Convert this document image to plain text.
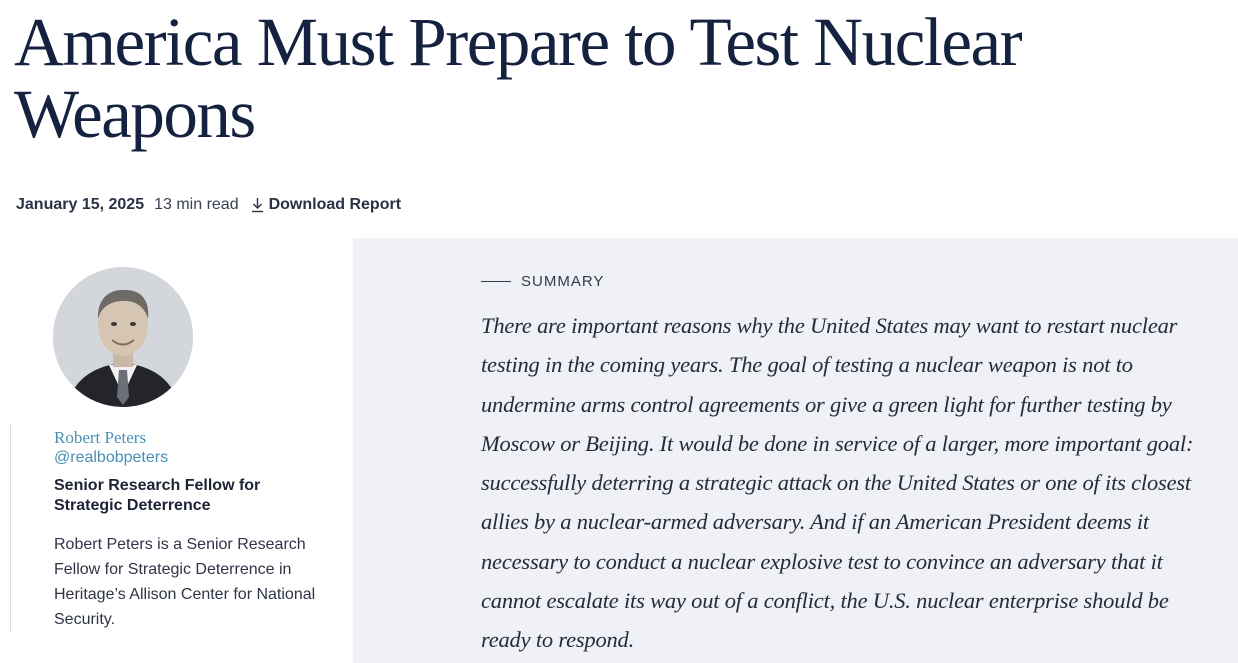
America Must Prepare to Test Nuclear Weapons
January 15, 2025 13 min read Download Report
Robert Peters
@realbobpeters
Senior Research Fellow for Strategic Deterrence
Robert Peters is a Senior Research Fellow for Strategic Deterrence in Heritage’s Allison Center for National Security.
SUMMARY

There are important reasons why the United States may want to restart nuclear testing in the coming years. The goal of testing a nuclear weapon is not to undermine arms control agreements or give a green light for further testing by Moscow or Beijing. It would be done in service of a larger, more important goal: successfully deterring a strategic attack on the United States or one of its closest allies by a nuclear-armed adversary. And if an American President deems it necessary to conduct a nuclear explosive test to convince an adversary that it cannot escalate its way out of a conflict, the U.S. nuclear enterprise should be ready to respond.
